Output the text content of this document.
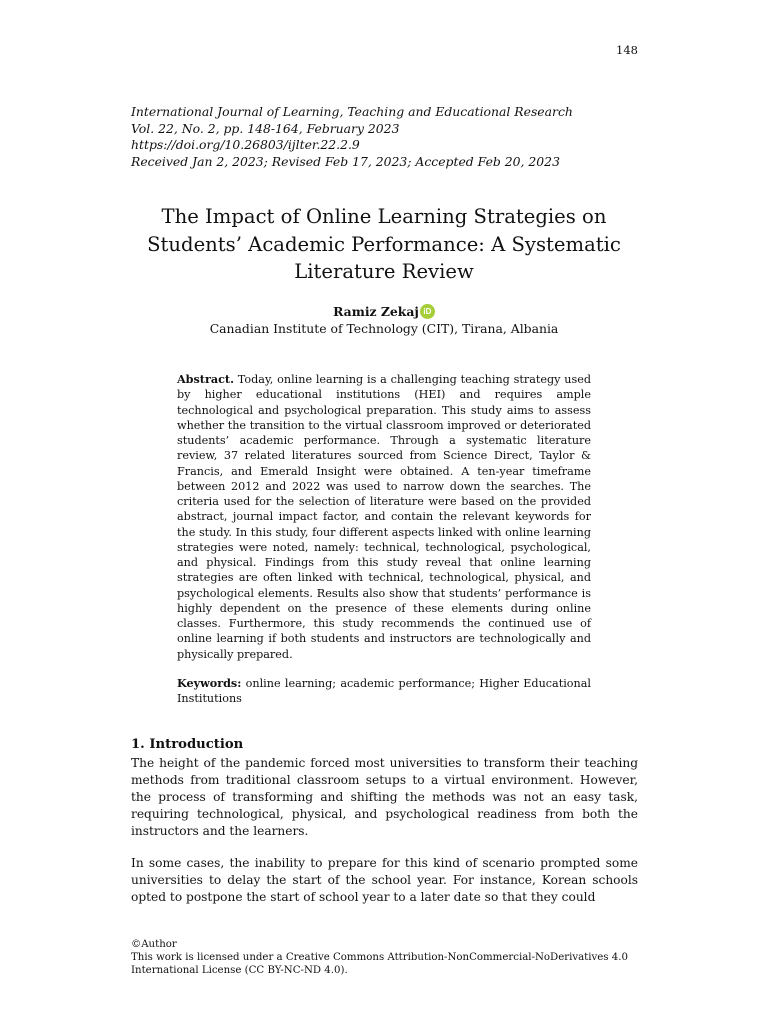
148
International Journal of Learning, Teaching and Educational Research
Vol. 22, No. 2, pp. 148-164, February 2023
https://doi.org/10.26803/ijlter.22.2.9
Received Jan 2, 2023; Revised Feb 17, 2023; Accepted Feb 20, 2023
The Impact of Online Learning Strategies on Students’ Academic Performance: A Systematic Literature Review
Ramiz Zekaj iD
Canadian Institute of Technology (CIT), Tirana, Albania

Abstract. Today, online learning is a challenging teaching strategy used by higher educational institutions (HEI) and requires ample technological and psychological preparation. This study aims to assess whether the transition to the virtual classroom improved or deteriorated students’ academic performance. Through a systematic literature review, 37 related literatures sourced from Science Direct, Taylor & Francis, and Emerald Insight were obtained. A ten-year timeframe between 2012 and 2022 was used to narrow down the searches. The criteria used for the selection of literature were based on the provided abstract, journal impact factor, and contain the relevant keywords for the study. In this study, four different aspects linked with online learning strategies were noted, namely: technical, technological, psychological, and physical. Findings from this study reveal that online learning strategies are often linked with technical, technological, physical, and psychological elements. Results also show that students’ performance is highly dependent on the presence of these elements during online classes. Furthermore, this study recommends the continued use of online learning if both students and instructors are technologically and physically prepared.

Keywords: online learning; academic performance; Higher Educational Institutions

1. Introduction

The height of the pandemic forced most universities to transform their teaching methods from traditional classroom setups to a virtual environment. However, the process of transforming and shifting the methods was not an easy task, requiring technological, physical, and psychological readiness from both the instructors and the learners.

In some cases, the inability to prepare for this kind of scenario prompted some universities to delay the start of the school year. For instance, Korean schools opted to postpone the start of school year to a later date so that they could

©Author
This work is licensed under a Creative Commons Attribution-NonCommercial-NoDerivatives 4.0 International License (CC BY-NC-ND 4.0).
